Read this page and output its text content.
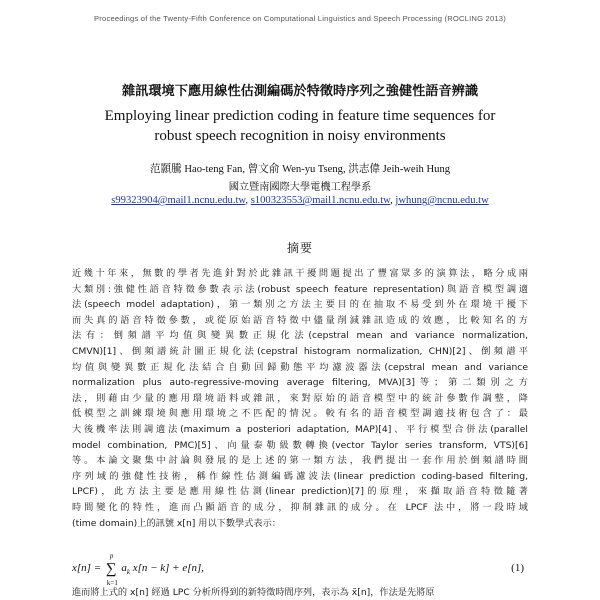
Proceedings of the Twenty-Fifth Conference on Computational Linguistics and Speech Processing (ROCLING 2013)
雜訊環境下應用線性估測編碼於特徵時序列之強健性語音辨識
Employing linear prediction coding in feature time sequences for
robust speech recognition in noisy environments
范顥騰 Hao-teng Fan, 曾文俞 Wen-yu Tseng, 洪志偉 Jeih-weih Hung
國立暨南國際大學電機工程學系
s99323904@mail1.ncnu.edu.tw, s100323553@mail1.ncnu.edu.tw, jwhung@ncnu.edu.tw
摘要
近幾十年來，無數的學者先進針對於此雜訊干擾問題提出了豐富眾多的演算法，略分成兩
大類別:強健性語音特徵參數表示法(robust speech feature representation)與語音模型調適
法(speech model adaptation)，第一類別之方法主要目的在抽取不易受到外在環境干擾下
而失真的語音特徵參數，或從原始語音特徵中儘量削減雜訊造成的效應，比較知名的方
法有：倒頻譜平均值與變異數正規化法(cepstral mean and variance normalization,
CMVN)[1]、倒頻譜統計圖正規化法(cepstral histogram normalization, CHN)[2]、倒頻譜平
均值與變異數正規化法結合自動回歸動態平均濾波器法(cepstral mean and variance
normalization plus auto-regressive-moving average filtering, MVA)[3]等；第二類別之方
法，則藉由少量的應用環境語料或雜訊，來對原始的語音模型中的統計參數作調整，降
低模型之訓練環境與應用環境之不匹配的情況。較有名的語音模型調適技術包含了：最
大後機率法則調適法(maximum a posteriori adaptation, MAP)[4]、平行模型合併法(parallel
model combination, PMC)[5]、向量泰勒級數轉換(vector Taylor series transform, VTS)[6]
等。本論文聚集中討論與發展的是上述的第一類方法，我們提出一套作用於倒頻譜時間
序列域的強健性技術，稱作線性估測編碼濾波法(linear prediction coding-based filtering,
LPCF)，此方法主要是應用線性估測(linear prediction)[7]的原理，來擷取語音特徵隨著
時間變化的特性，進而凸顯語音的成分，抑制雜訊的成分。在 LPCF 法中，將一段時域
(time domain)上的訊號 x[n] 用以下數學式表示：
x[n] = ∑
p
k=1
$a_k$ x[n − k] + e[n],	(1)
進而將上式的 x[n] 經過 LPC 分析所得到的新特徵時間序列，表示為 x̃[n]，作法是先將原
